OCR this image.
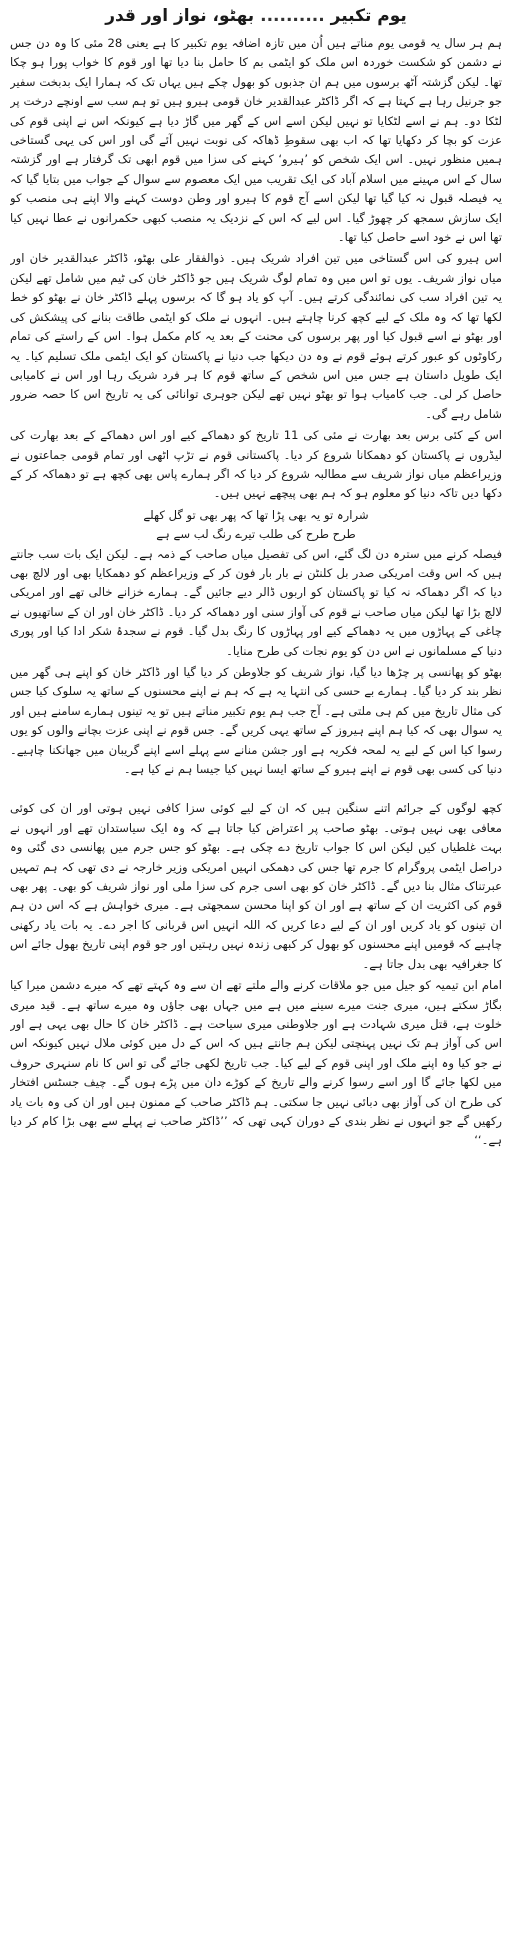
یوم تکبیر .......... بھٹو، نواز اور قدر

ہم ہر سال یہ قومی یوم مناتے ہیں اُن میں تازہ اضافہ یوم تکبیر کا ہے یعنی 28 مئی کا وہ دن جس نے دشمن کو شکست خوردہ اس ملک کو ایٹمی بم کا حامل بنا دیا تھا اور قوم کا خواب پورا ہو چکا تھا۔ لیکن گزشتہ آٹھ برسوں میں ہم ان جذبوں کو بھول چکے ہیں یہاں تک کہ ہمارا ایک بدبخت سفیر جو جرنیل رہا ہے کہتا ہے کہ اگر ڈاکٹر عبدالقدیر خان قومی ہیرو ہیں تو ہم سب سے اونچے درخت پر لٹکا دو۔ ہم نے اسے لٹکایا تو نہیں لیکن اسے اس کے گھر میں گاڑ دیا ہے کیونکہ اس نے اپنی قوم کی عزت کو بچا کر دکھایا تھا کہ اب بھی سقوطِ ڈھاکہ کی نوبت نہیں آئے گی اور اس کی یہی گستاخی ہمیں منظور نہیں۔ اس ایک شخص کو ’ہیرو‘ کہنے کی سزا میں قوم ابھی تک گرفتار ہے اور گزشتہ سال کے اس مہینے میں اسلام آباد کی ایک تقریب میں ایک معصوم سے سوال کے جواب میں بتایا گیا کہ یہ فیصلہ قبول نہ کیا گیا تھا لیکن اسے آج قوم کا ہیرو اور وطن دوست کہنے والا اپنے ہی منصب کو ایک سازش سمجھ کر چھوڑ گیا۔ اس لیے کہ اس کے نزدیک یہ منصب کبھی حکمرانوں نے عطا نہیں کیا تھا اس نے خود اسے حاصل کیا تھا۔

اس ہیرو کی اس گستاخی میں تین افراد شریک ہیں۔ ذوالفقار علی بھٹو، ڈاکٹر عبدالقدیر خان اور میاں نواز شریف۔ یوں تو اس میں وہ تمام لوگ شریک ہیں جو ڈاکٹر خان کی ٹیم میں شامل تھے لیکن یہ تین افراد سب کی نمائندگی کرتے ہیں۔ آپ کو یاد ہو گا کہ برسوں پہلے ڈاکٹر خان نے بھٹو کو خط لکھا تھا کہ وہ ملک کے لیے کچھ کرنا چاہتے ہیں۔ انہوں نے ملک کو ایٹمی طاقت بنانے کی پیشکش کی اور بھٹو نے اسے قبول کیا اور پھر برسوں کی محنت کے بعد یہ کام مکمل ہوا۔ اس کے راستے کی تمام رکاوٹوں کو عبور کرتے ہوئے قوم نے وہ دن دیکھا جب دنیا نے پاکستان کو ایک ایٹمی ملک تسلیم کیا۔ یہ ایک طویل داستان ہے جس میں اس شخص کے ساتھ قوم کا ہر فرد شریک رہا اور اس نے کامیابی حاصل کر لی۔ جب کامیاب ہوا تو بھٹو نہیں تھے لیکن جوہری توانائی کی یہ تاریخ اس کا حصہ ضرور شامل رہے گی۔

اس کے کئی برس بعد بھارت نے مئی کی 11 تاریخ کو دھماکے کیے اور اس دھماکے کے بعد بھارت کی لیڈروں نے پاکستان کو دھمکانا شروع کر دیا۔ پاکستانی قوم نے تڑپ اٹھی اور تمام قومی جماعتوں نے وزیراعظم میاں نواز شریف سے مطالبہ شروع کر دیا کہ اگر ہمارے پاس بھی کچھ ہے تو دھماکہ کر کے دکھا دیں تاکہ دنیا کو معلوم ہو کہ ہم بھی پیچھے نہیں ہیں۔

شرارہ تو یہ بھی پڑا تھا کہ پھر بھی تو گل کھلے

طرح طرح کی طلب تیرے رنگ لب سے ہے

فیصلہ کرنے میں سترہ دن لگ گئے، اس کی تفصیل میاں صاحب کے ذمہ ہے۔ لیکن ایک بات سب جانتے ہیں کہ اس وقت امریکی صدر بل کلنٹن نے بار بار فون کر کے وزیراعظم کو دھمکایا بھی اور لالچ بھی دیا کہ اگر دھماکہ نہ کیا تو پاکستان کو اربوں ڈالر دیے جائیں گے۔ ہمارے خزانے خالی تھے اور امریکی لالچ بڑا تھا لیکن میاں صاحب نے قوم کی آواز سنی اور دھماکہ کر دیا۔ ڈاکٹر خان اور ان کے ساتھیوں نے چاغی کے پہاڑوں میں یہ دھماکے کیے اور پہاڑوں کا رنگ بدل گیا۔ قوم نے سجدۂ شکر ادا کیا اور پوری دنیا کے مسلمانوں نے اس دن کو یوم نجات کی طرح منایا۔

بھٹو کو پھانسی پر چڑھا دیا گیا، نواز شریف کو جلاوطن کر دیا گیا اور ڈاکٹر خان کو اپنے ہی گھر میں نظر بند کر دیا گیا۔ ہمارے بے حسی کی انتہا یہ ہے کہ ہم نے اپنے محسنوں کے ساتھ یہ سلوک کیا جس کی مثال تاریخ میں کم ہی ملتی ہے۔ آج جب ہم یوم تکبیر مناتے ہیں تو یہ تینوں ہمارے سامنے ہیں اور یہ سوال بھی کہ کیا ہم اپنے ہیروز کے ساتھ یہی کریں گے۔ جس قوم نے اپنی عزت بچانے والوں کو یوں رسوا کیا اس کے لیے یہ لمحہ فکریہ ہے اور جشن منانے سے پہلے اسے اپنے گریبان میں جھانکنا چاہیے۔ دنیا کی کسی بھی قوم نے اپنے ہیرو کے ساتھ ایسا نہیں کیا جیسا ہم نے کیا ہے۔

کچھ لوگوں کے جرائم اتنے سنگین ہیں کہ ان کے لیے کوئی سزا کافی نہیں ہوتی اور ان کی کوئی معافی بھی نہیں ہوتی۔ بھٹو صاحب پر اعتراض کیا جاتا ہے کہ وہ ایک سیاستدان تھے اور انہوں نے بہت غلطیاں کیں لیکن اس کا جواب تاریخ دے چکی ہے۔ بھٹو کو جس جرم میں پھانسی دی گئی وہ دراصل ایٹمی پروگرام کا جرم تھا جس کی دھمکی انہیں امریکی وزیر خارجہ نے دی تھی کہ ہم تمہیں عبرتناک مثال بنا دیں گے۔ ڈاکٹر خان کو بھی اسی جرم کی سزا ملی اور نواز شریف کو بھی۔ پھر بھی قوم کی اکثریت ان کے ساتھ ہے اور ان کو اپنا محسن سمجھتی ہے۔ میری خواہش ہے کہ اس دن ہم ان تینوں کو یاد کریں اور ان کے لیے دعا کریں کہ اللہ انہیں اس قربانی کا اجر دے۔ یہ بات یاد رکھنی چاہیے کہ قومیں اپنے محسنوں کو بھول کر کبھی زندہ نہیں رہتیں اور جو قوم اپنی تاریخ بھول جائے اس کا جغرافیہ بھی بدل جاتا ہے۔

امام ابن تیمیہ کو جیل میں جو ملاقات کرنے والے ملتے تھے ان سے وہ کہتے تھے کہ میرے دشمن میرا کیا بگاڑ سکتے ہیں، میری جنت میرے سینے میں ہے میں جہاں بھی جاؤں وہ میرے ساتھ ہے۔ قید میری خلوت ہے، قتل میری شہادت ہے اور جلاوطنی میری سیاحت ہے۔ ڈاکٹر خان کا حال بھی یہی ہے اور اس کی آواز ہم تک نہیں پہنچتی لیکن ہم جانتے ہیں کہ اس کے دل میں کوئی ملال نہیں کیونکہ اس نے جو کیا وہ اپنے ملک اور اپنی قوم کے لیے کیا۔ جب تاریخ لکھی جائے گی تو اس کا نام سنہری حروف میں لکھا جائے گا اور اسے رسوا کرنے والے تاریخ کے کوڑے دان میں پڑے ہوں گے۔ چیف جسٹس افتخار کی طرح ان کی آواز بھی دبائی نہیں جا سکتی۔ ہم ڈاکٹر صاحب کے ممنون ہیں اور ان کی وہ بات یاد رکھیں گے جو انہوں نے نظر بندی کے دوران کہی تھی کہ ’’ڈاکٹر صاحب نے پہلے سے بھی بڑا کام کر دیا ہے۔‘‘
